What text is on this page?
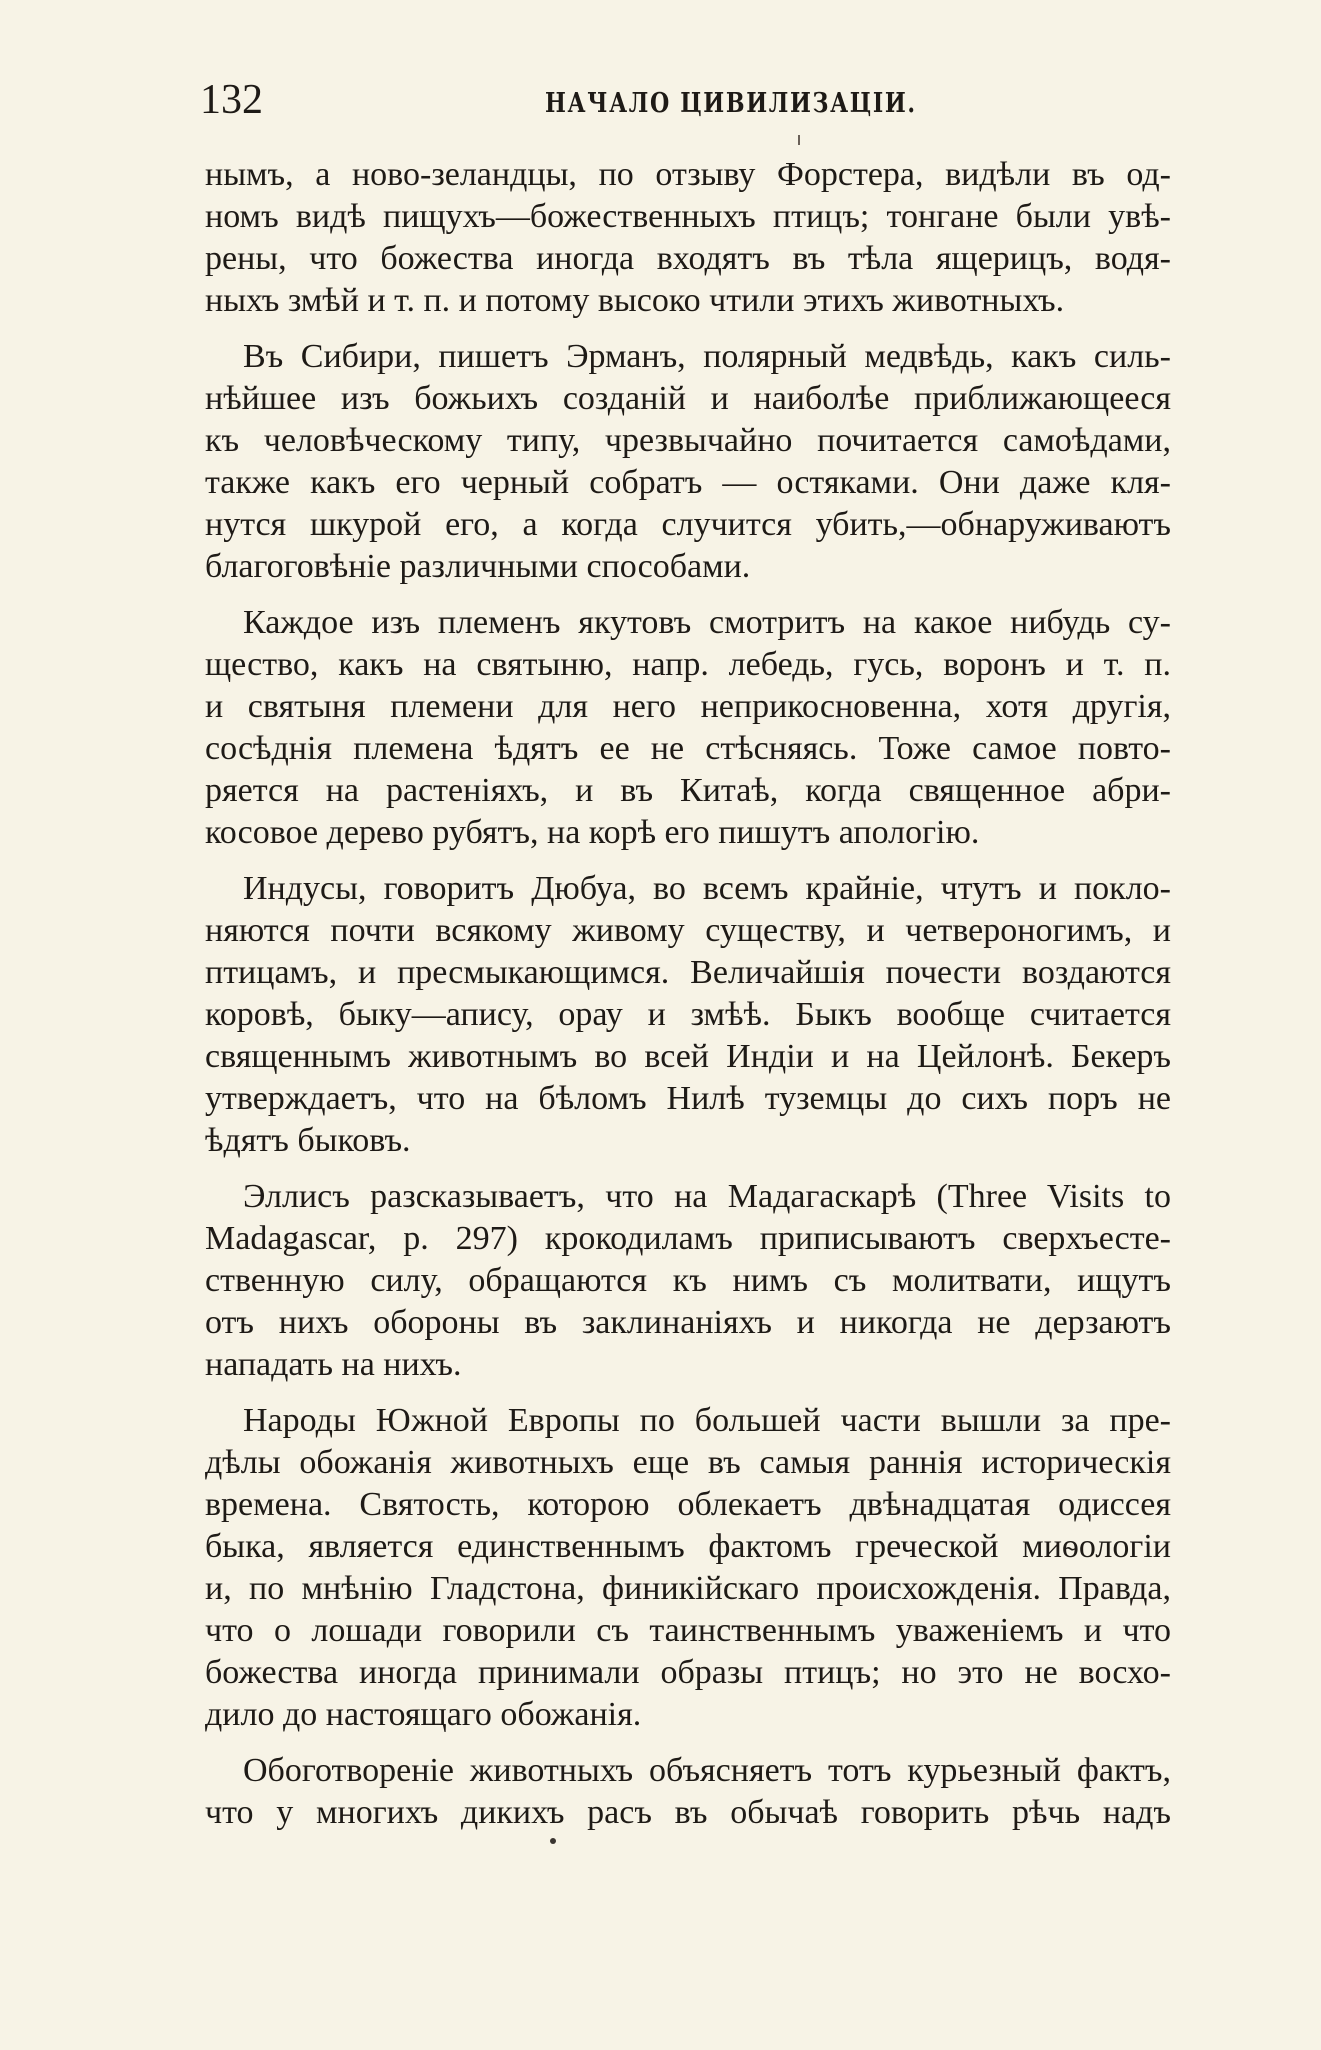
132	НАЧАЛО ЦИВИЛИЗАЦІИ.
нымъ, а ново-зеландцы, по отзыву Форстера, видѣли въ од-
номъ видѣ пищухъ—божественныхъ птицъ; тонгане были увѣ-
рены, что божества иногда входятъ въ тѣла ящерицъ, водя-
ныхъ змѣй и т. п. и потому высоко чтили этихъ животныхъ.
Въ Сибири, пишетъ Эрманъ, полярный медвѣдь, какъ силь-
нѣйшее изъ божьихъ созданій и наиболѣе приближающееся
къ человѣческому типу, чрезвычайно почитается самоѣдами,
также какъ его черный собратъ — остяками. Они даже кля-
нутся шкурой его, а когда случится убить,—обнаруживаютъ
благоговѣніе различными способами.
Каждое изъ племенъ якутовъ смотритъ на какое нибудь су-
щество, какъ на святыню, напр. лебедь, гусь, воронъ и т. п.
и святыня племени для него неприкосновенна, хотя другія,
сосѣднія племена ѣдятъ ее не стѣсняясь. Тоже самое повто-
ряется на растеніяхъ, и въ Китаѣ, когда священное абри-
косовое дерево рубятъ, на корѣ его пишутъ апологію.
Индусы, говоритъ Дюбуа, во всемъ крайніе, чтутъ и покло-
няются почти всякому живому существу, и четвероногимъ, и
птицамъ, и пресмыкающимся. Величайшія почести воздаются
коровѣ, быку—апису, орау и змѣѣ. Быкъ вообще считается
священнымъ животнымъ во всей Индіи и на Цейлонѣ. Бекеръ
утверждаетъ, что на бѣломъ Нилѣ туземцы до сихъ поръ не
ѣдятъ быковъ.
Эллисъ разсказываетъ, что на Мадагаскарѣ (Three Visits to
Madagascar, p. 297) крокодиламъ приписываютъ сверхъесте-
ственную силу, обращаются къ нимъ съ молитвати, ищутъ
отъ нихъ обороны въ заклинаніяхъ и никогда не дерзаютъ
нападать на нихъ.
Народы Южной Европы по большей части вышли за пре-
дѣлы обожанія животныхъ еще въ самыя раннія историческія
времена. Святость, которою облекаетъ двѣнадцатая одиссея
быка, является единственнымъ фактомъ греческой миѳологіи
и, по мнѣнію Гладстона, финикійскаго происхожденія. Правда,
что о лошади говорили съ таинственнымъ уваженіемъ и что
божества иногда принимали образы птицъ; но это не восхо-
дило до настоящаго обожанія.
Обоготвореніе животныхъ объясняетъ тотъ курьезный фактъ,
что у многихъ дикихъ расъ въ обычаѣ говорить рѣчь надъ
